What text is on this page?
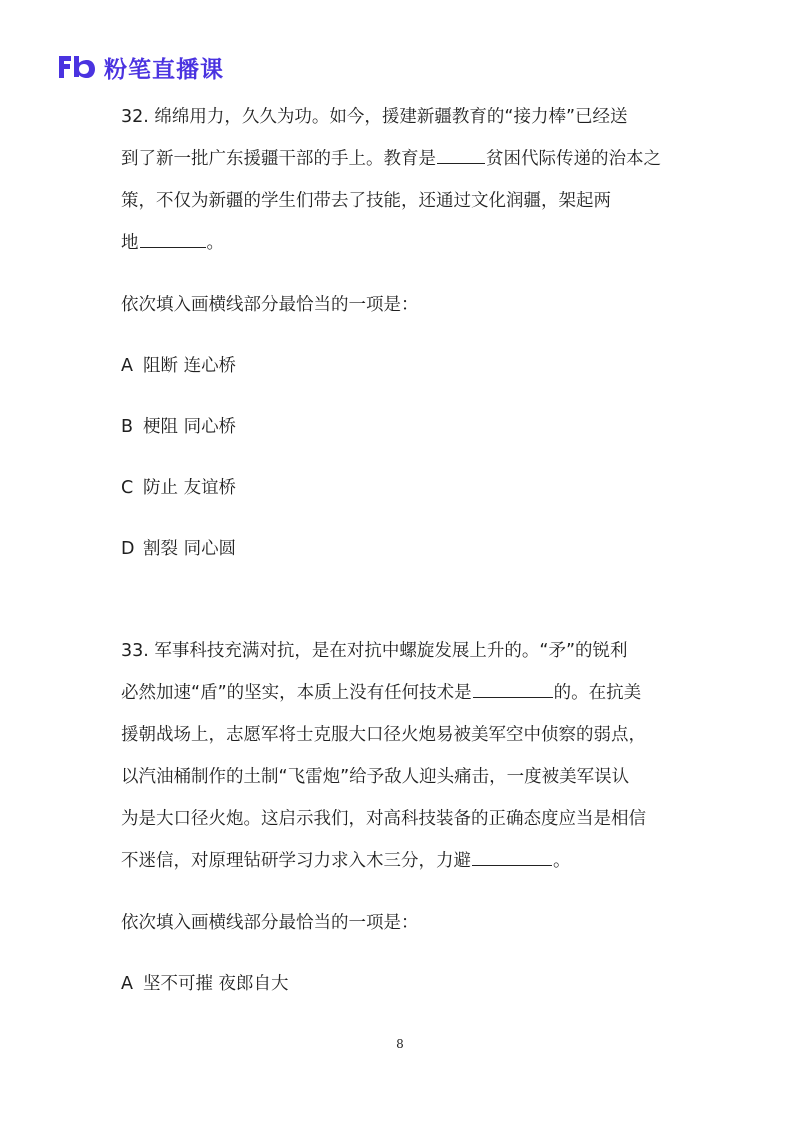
粉笔直播课
32. 绵绵用力，久久为功。如今，援建新疆教育的“接力棒”已经送
到了新一批广东援疆干部的手上。教育是	贫困代际传递的治本之
策，不仅为新疆的学生们带去了技能，还通过文化润疆，架起两
地	。
依次填入画横线部分最恰当的一项是：
A 阻断 连心桥
B 梗阻 同心桥
C 防止 友谊桥
D 割裂 同心圆
33. 军事科技充满对抗，是在对抗中螺旋发展上升的。“矛”的锐利
必然加速“盾”的坚实，本质上没有任何技术是	的。在抗美
援朝战场上，志愿军将士克服大口径火炮易被美军空中侦察的弱点，
以汽油桶制作的土制“飞雷炮”给予敌人迎头痛击，一度被美军误认
为是大口径火炮。这启示我们，对高科技装备的正确态度应当是相信
不迷信，对原理钻研学习力求入木三分，力避	。
依次填入画横线部分最恰当的一项是：
A 坚不可摧 夜郎自大
8
